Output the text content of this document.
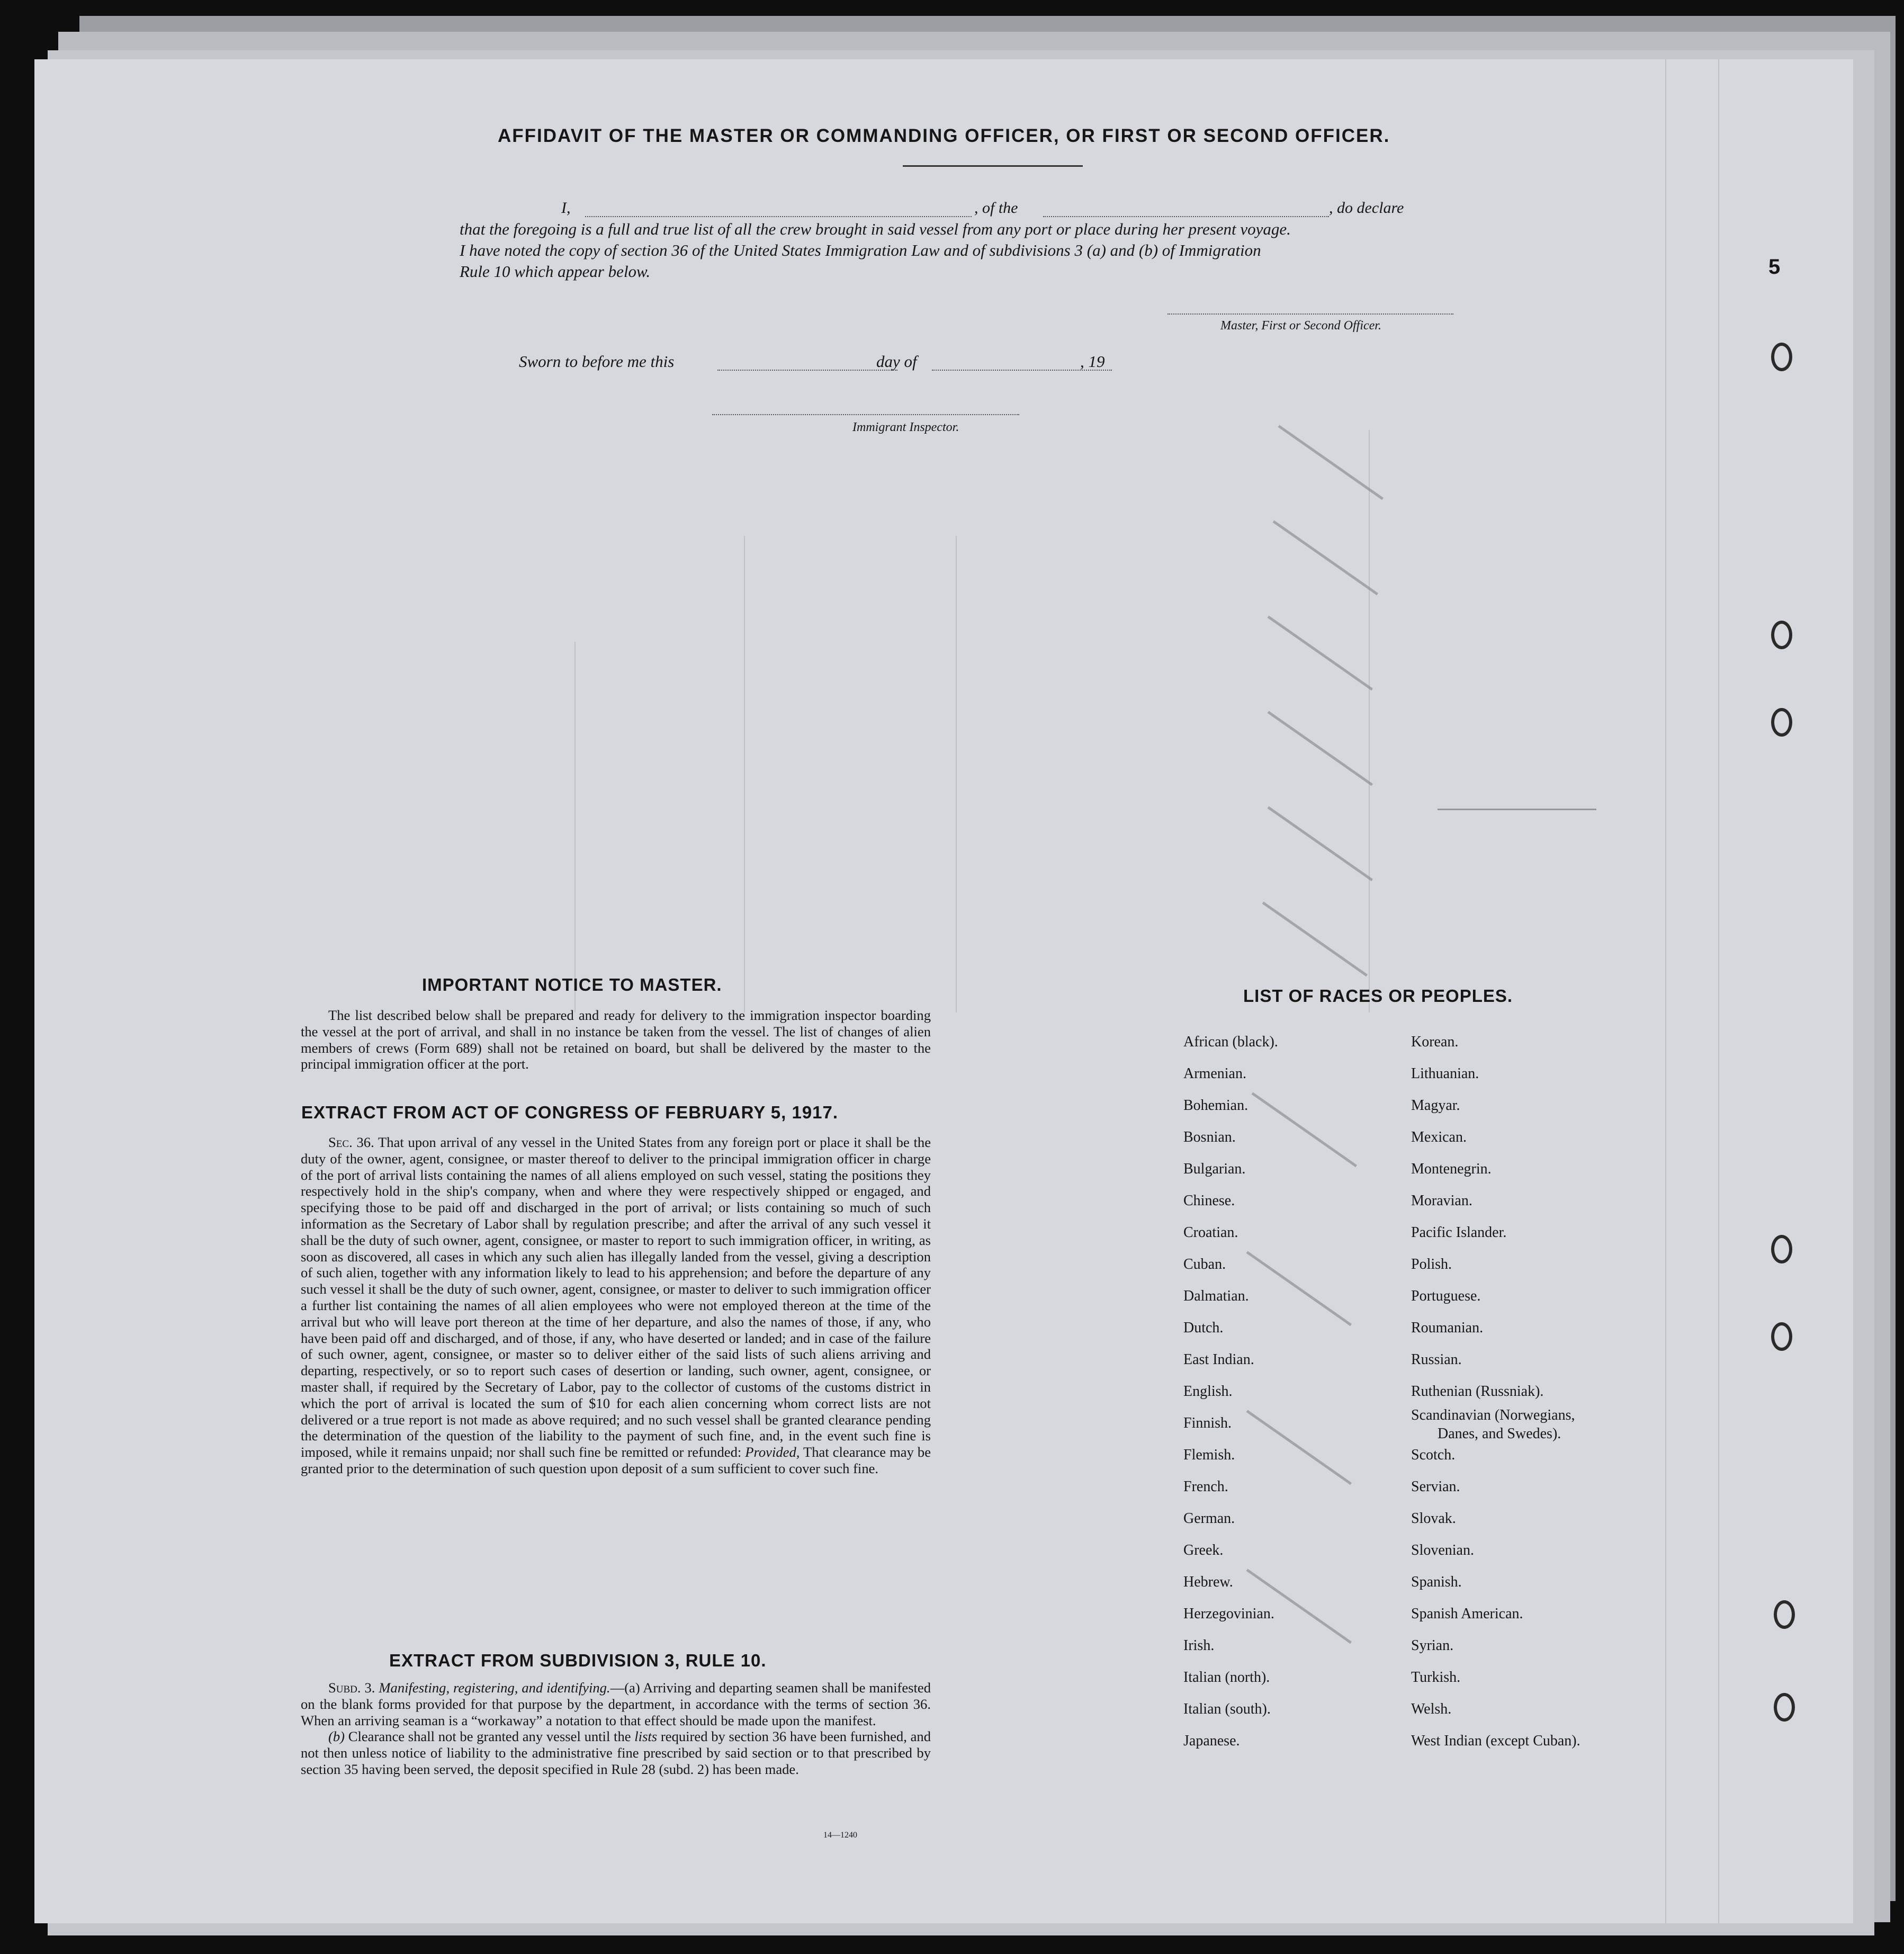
5
AFFIDAVIT OF THE MASTER OR COMMANDING OFFICER, OR FIRST OR SECOND OFFICER.
I,	, of the	, do declare
that the foregoing is a full and true list of all the crew brought in said vessel from any port or place during her present voyage.
I have noted the copy of section 36 of the United States Immigration Law and of subdivisions 3 (a) and (b) of Immigration
Rule 10 which appear below.
Master, First or Second Officer.
Sworn to before me this	day of	, 19
Immigrant Inspector.
IMPORTANT NOTICE TO MASTER.

The list described below shall be prepared and ready for delivery to the immigration inspector boarding the vessel at the port of arrival, and shall in no instance be taken from the vessel. The list of changes of alien members of crews (Form 689) shall not be retained on board, but shall be delivered by the master to the principal immigration officer at the port.

EXTRACT FROM ACT OF CONGRESS OF FEBRUARY 5, 1917.

Sec. 36. That upon arrival of any vessel in the United States from any foreign port or place it shall be the duty of the owner, agent, consignee, or master thereof to deliver to the principal immigration officer in charge of the port of arrival lists containing the names of all aliens employed on such vessel, stating the positions they respectively hold in the ship's company, when and where they were respectively shipped or engaged, and specifying those to be paid off and discharged in the port of arrival; or lists containing so much of such information as the Secretary of Labor shall by regulation prescribe; and after the arrival of any such vessel it shall be the duty of such owner, agent, consignee, or master to report to such immigration officer, in writing, as soon as discovered, all cases in which any such alien has illegally landed from the vessel, giving a description of such alien, together with any information likely to lead to his apprehension; and before the departure of any such vessel it shall be the duty of such owner, agent, consignee, or master to deliver to such immigration officer a further list containing the names of all alien employees who were not employed thereon at the time of the arrival but who will leave port thereon at the time of her departure, and also the names of those, if any, who have been paid off and discharged, and of those, if any, who have deserted or landed; and in case of the failure of such owner, agent, consignee, or master so to deliver either of the said lists of such aliens arriving and departing, respectively, or so to report such cases of desertion or landing, such owner, agent, consignee, or master shall, if required by the Secretary of Labor, pay to the collector of customs of the customs district in which the port of arrival is located the sum of $10 for each alien concerning whom correct lists are not delivered or a true report is not made as above required; and no such vessel shall be granted clearance pending the determination of the question of the liability to the payment of such fine, and, in the event such fine is imposed, while it remains unpaid; nor shall such fine be remitted or refunded: Provided, That clearance may be granted prior to the determination of such question upon deposit of a sum sufficient to cover such fine.

EXTRACT FROM SUBDIVISION 3, RULE 10.

Subd. 3. Manifesting, registering, and identifying.—(a) Arriving and departing seamen shall be manifested on the blank forms provided for that purpose by the department, in accordance with the terms of section 36. When an arriving seaman is a “workaway” a notation to that effect should be made upon the manifest.

(b) Clearance shall not be granted any vessel until the lists required by section 36 have been furnished, and not then unless notice of liability to the administrative fine prescribed by said section or to that prescribed by section 35 having been served, the deposit specified in Rule 28 (subd. 2) has been made.

14—1240
LIST OF RACES OR PEOPLES.
African (black).
Armenian.
Bohemian.
Bosnian.
Bulgarian.
Chinese.
Croatian.
Cuban.
Dalmatian.
Dutch.
East Indian.
English.
Finnish.
Flemish.
French.
German.
Greek.
Hebrew.
Herzegovinian.
Irish.
Italian (north).
Italian (south).
Japanese.
Korean.
Lithuanian.
Magyar.
Mexican.
Montenegrin.
Moravian.
Pacific Islander.
Polish.
Portuguese.
Roumanian.
Russian.
Ruthenian (Russniak).
Scandinavian (Norwegians,
Danes, and Swedes).
Scotch.
Servian.
Slovak.
Slovenian.
Spanish.
Spanish American.
Syrian.
Turkish.
Welsh.
West Indian (except Cuban).
